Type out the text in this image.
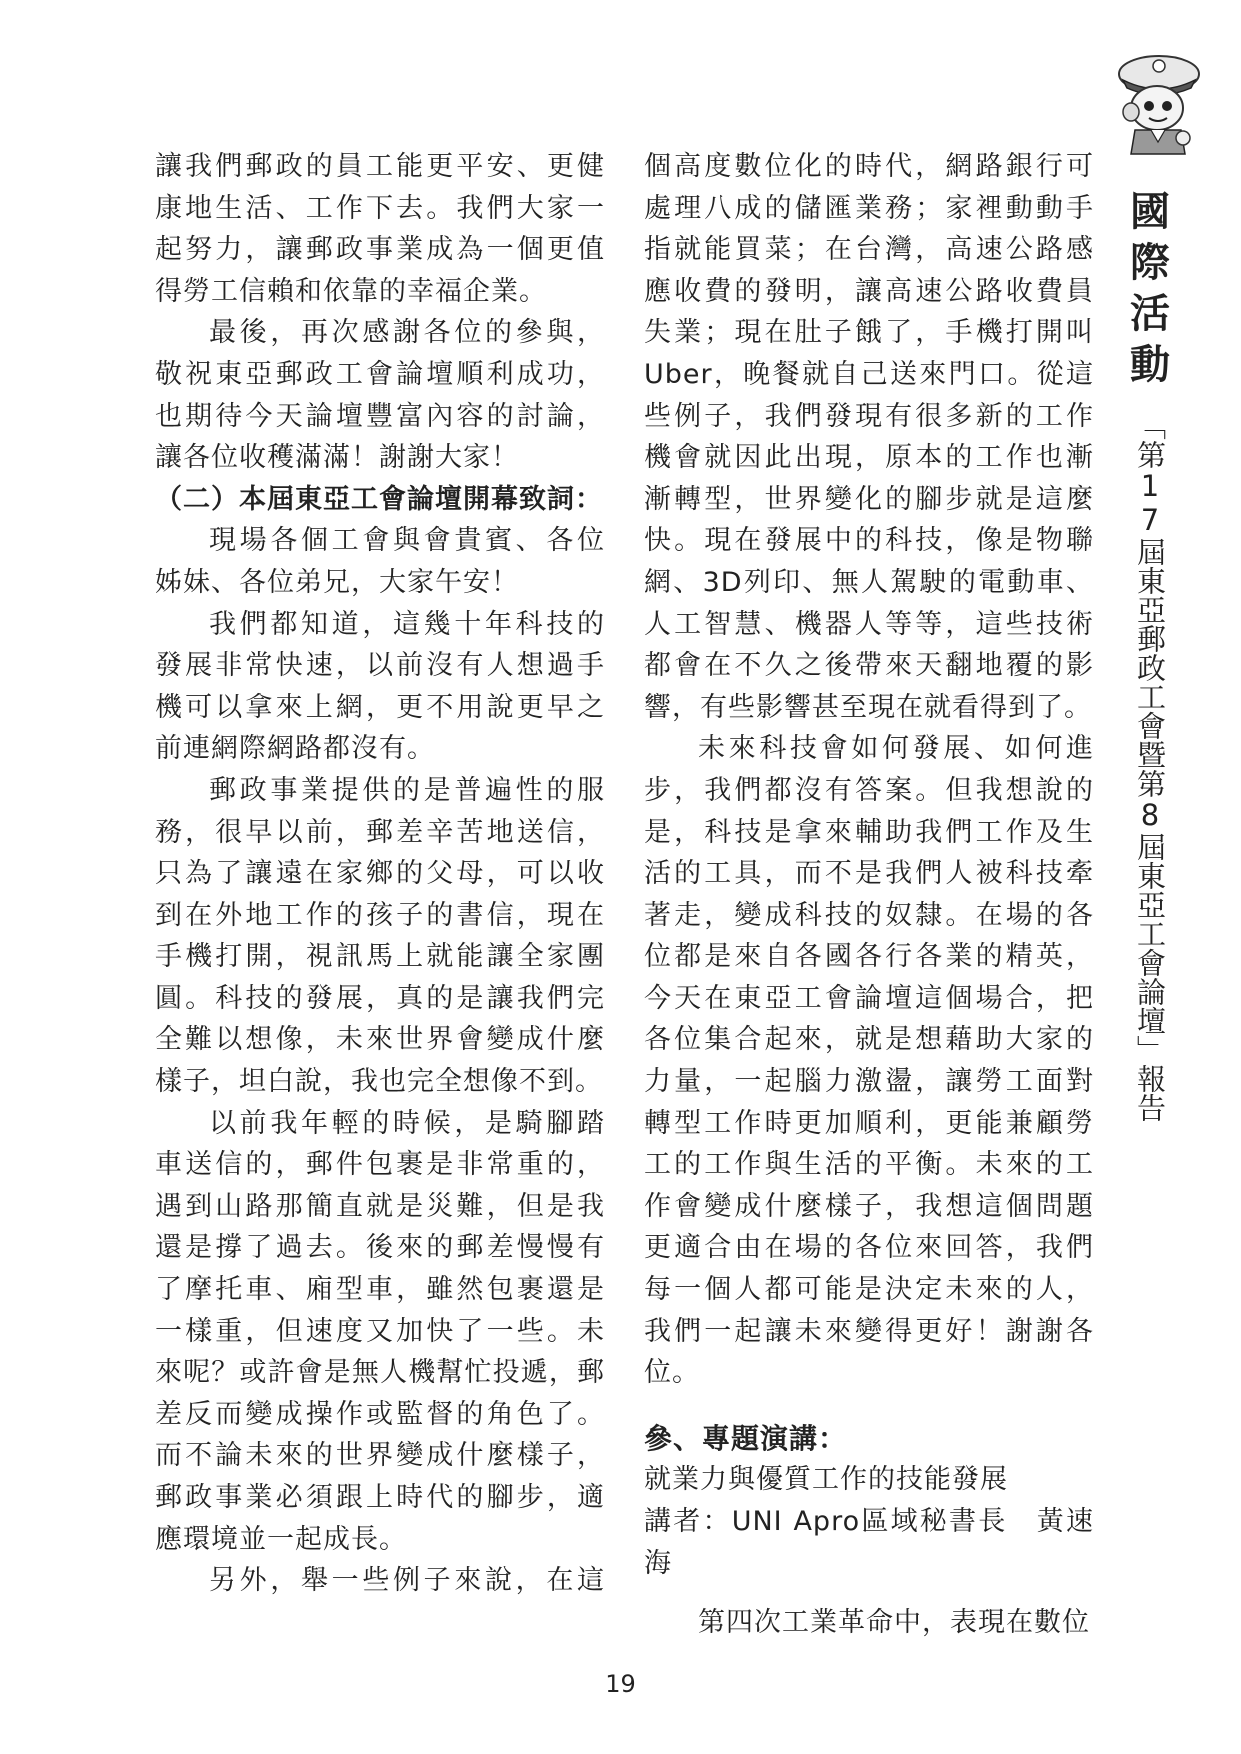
讓我們郵政的員工能更平安、更健

康地生活、工作下去。我們大家一

起努力，讓郵政事業成為一個更值

得勞工信賴和依靠的幸福企業。

最後，再次感謝各位的參與，

敬祝東亞郵政工會論壇順利成功，

也期待今天論壇豐富內容的討論，

讓各位收穫滿滿！謝謝大家！

（二）本屆東亞工會論壇開幕致詞：

現場各個工會與會貴賓、各位

姊妹、各位弟兄，大家午安！

我們都知道，這幾十年科技的

發展非常快速，以前沒有人想過手

機可以拿來上網，更不用說更早之

前連網際網路都沒有。

郵政事業提供的是普遍性的服

務，很早以前，郵差辛苦地送信，

只為了讓遠在家鄉的父母，可以收

到在外地工作的孩子的書信，現在

手機打開，視訊馬上就能讓全家團

圓。科技的發展，真的是讓我們完

全難以想像，未來世界會變成什麼

樣子，坦白說，我也完全想像不到。

以前我年輕的時候，是騎腳踏

車送信的，郵件包裹是非常重的，

遇到山路那簡直就是災難，但是我

還是撐了過去。後來的郵差慢慢有

了摩托車、廂型車，雖然包裹還是

一樣重，但速度又加快了一些。未

來呢？或許會是無人機幫忙投遞，郵

差反而變成操作或監督的角色了。

而不論未來的世界變成什麼樣子，

郵政事業必須跟上時代的腳步，適

應環境並一起成長。

另外，舉一些例子來說，在這

個高度數位化的時代，網路銀行可

處理八成的儲匯業務；家裡動動手

指就能買菜；在台灣，高速公路感

應收費的發明，讓高速公路收費員

失業；現在肚子餓了，手機打開叫

Uber，晚餐就自己送來門口。從這

些例子，我們發現有很多新的工作

機會就因此出現，原本的工作也漸

漸轉型，世界變化的腳步就是這麼

快。現在發展中的科技，像是物聯

網、3D列印、無人駕駛的電動車、

人工智慧、機器人等等，這些技術

都會在不久之後帶來天翻地覆的影

響，有些影響甚至現在就看得到了。

未來科技會如何發展、如何進

步，我們都沒有答案。但我想說的

是，科技是拿來輔助我們工作及生

活的工具，而不是我們人被科技牽

著走，變成科技的奴隸。在場的各

位都是來自各國各行各業的精英，

今天在東亞工會論壇這個場合，把

各位集合起來，就是想藉助大家的

力量，一起腦力激盪，讓勞工面對

轉型工作時更加順利，更能兼顧勞

工的工作與生活的平衡。未來的工

作會變成什麼樣子，我想這個問題

更適合由在場的各位來回答，我們

每一個人都可能是決定未來的人，

我們一起讓未來變得更好！謝謝各

位。

參、專題演講：

就業力與優質工作的技能發展

講者：UNI Apro區域秘書長　黃速海

第四次工業革命中，表現在數位

國
際
活
動
「第17屆東亞郵政工會暨第8屆東亞工會論壇」報告
19
